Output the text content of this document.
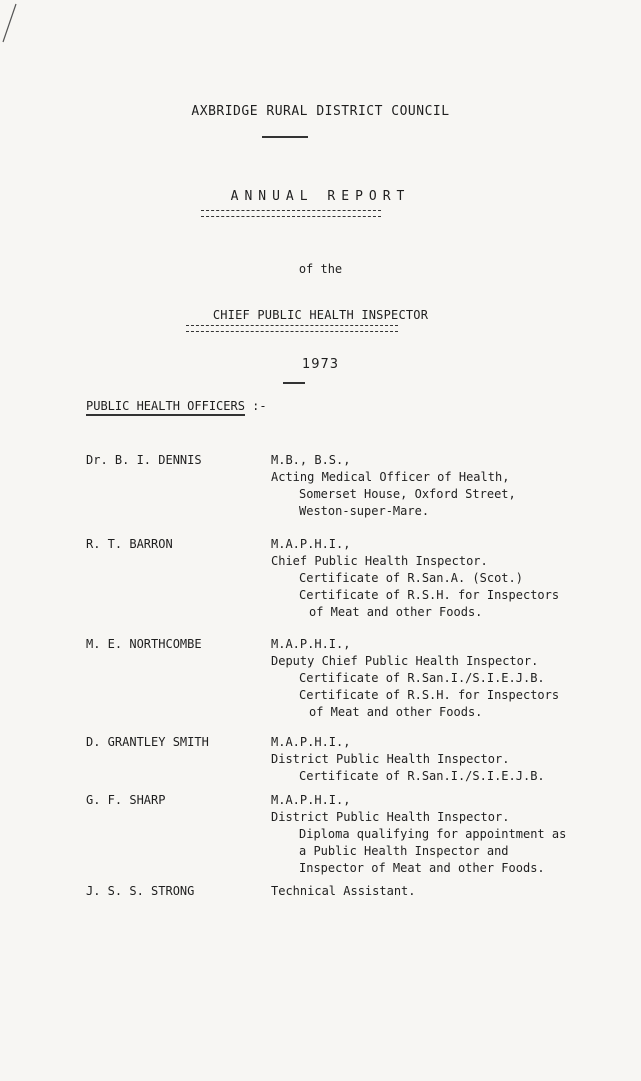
AXBRIDGE RURAL DISTRICT COUNCIL
ANNUAL REPORT
of the
CHIEF PUBLIC HEALTH INSPECTOR
1973
PUBLIC HEALTH OFFICERS :-
Dr. B. I. DENNIS	M.B., B.S.,
Acting Medical Officer of Health,
Somerset House, Oxford Street,
Weston-super-Mare.
R. T. BARRON	M.A.P.H.I.,
Chief Public Health Inspector.
Certificate of R.San.A. (Scot.)
Certificate of R.S.H. for Inspectors
of Meat and other Foods.
M. E. NORTHCOMBE	M.A.P.H.I.,
Deputy Chief Public Health Inspector.
Certificate of R.San.I./S.I.E.J.B.
Certificate of R.S.H. for Inspectors
of Meat and other Foods.
D. GRANTLEY SMITH	M.A.P.H.I.,
District Public Health Inspector.
Certificate of R.San.I./S.I.E.J.B.
G. F. SHARP	M.A.P.H.I.,
District Public Health Inspector.
Diploma qualifying for appointment as
a Public Health Inspector and
Inspector of Meat and other Foods.
J. S. S. STRONG	Technical Assistant.
